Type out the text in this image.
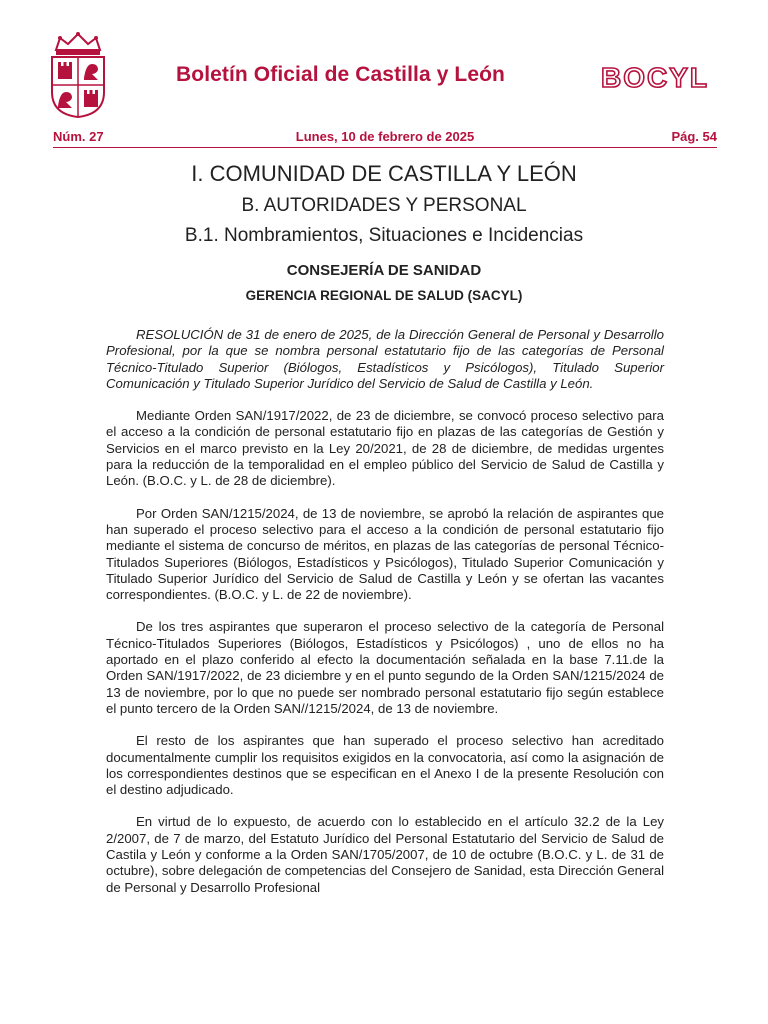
Boletín Oficial de Castilla y León	BOCYL
Núm. 27	Lunes, 10 de febrero de 2025	Pág. 54
I. COMUNIDAD DE CASTILLA Y LEÓN
B. AUTORIDADES Y PERSONAL
B.1. Nombramientos, Situaciones e Incidencias
CONSEJERÍA DE SANIDAD
GERENCIA REGIONAL DE SALUD (SACYL)

RESOLUCIÓN de 31 de enero de 2025, de la Dirección General de Personal y Desarrollo Profesional, por la que se nombra personal estatutario fijo de las categorías de Personal Técnico-Titulado Superior (Biólogos, Estadísticos y Psicólogos), Titulado Superior Comunicación y Titulado Superior Jurídico del Servicio de Salud de Castilla y León.

Mediante Orden SAN/1917/2022, de 23 de diciembre, se convocó proceso selectivo para el acceso a la condición de personal estatutario fijo en plazas de las categorías de Gestión y Servicios en el marco previsto en la Ley 20/2021, de 28 de diciembre, de medidas urgentes para la reducción de la temporalidad en el empleo público del Servicio de Salud de Castilla y León. (B.O.C. y L. de 28 de diciembre).

Por Orden SAN/1215/2024, de 13 de noviembre, se aprobó la relación de aspirantes que han superado el proceso selectivo para el acceso a la condición de personal estatutario fijo mediante el sistema de concurso de méritos, en plazas de las categorías de personal Técnico-Titulados Superiores (Biólogos, Estadísticos y Psicólogos), Titulado Superior Comunicación y Titulado Superior Jurídico del Servicio de Salud de Castilla y León y se ofertan las vacantes correspondientes. (B.O.C. y L. de 22 de noviembre).

De los tres aspirantes que superaron el proceso selectivo de la categoría de Personal Técnico-Titulados Superiores (Biólogos, Estadísticos y Psicólogos) , uno de ellos no ha aportado en el plazo conferido al efecto la documentación señalada en la base 7.11.de la Orden SAN/1917/2022, de 23 diciembre y en el punto segundo de la Orden SAN/1215/2024 de 13 de noviembre, por lo que no puede ser nombrado personal estatutario fijo según establece el punto tercero de la Orden SAN//1215/2024, de 13 de noviembre.

El resto de los aspirantes que han superado el proceso selectivo han acreditado documentalmente cumplir los requisitos exigidos en la convocatoria, así como la asignación de los correspondientes destinos que se especifican en el Anexo I de la presente Resolución con el destino adjudicado.

En virtud de lo expuesto, de acuerdo con lo establecido en el artículo 32.2 de la Ley 2/2007, de 7 de marzo, del Estatuto Jurídico del Personal Estatutario del Servicio de Salud de Castila y León y conforme a la Orden SAN/1705/2007, de 10 de octubre (B.O.C. y L. de 31 de octubre), sobre delegación de competencias del Consejero de Sanidad, esta Dirección General de Personal y Desarrollo Profesional
